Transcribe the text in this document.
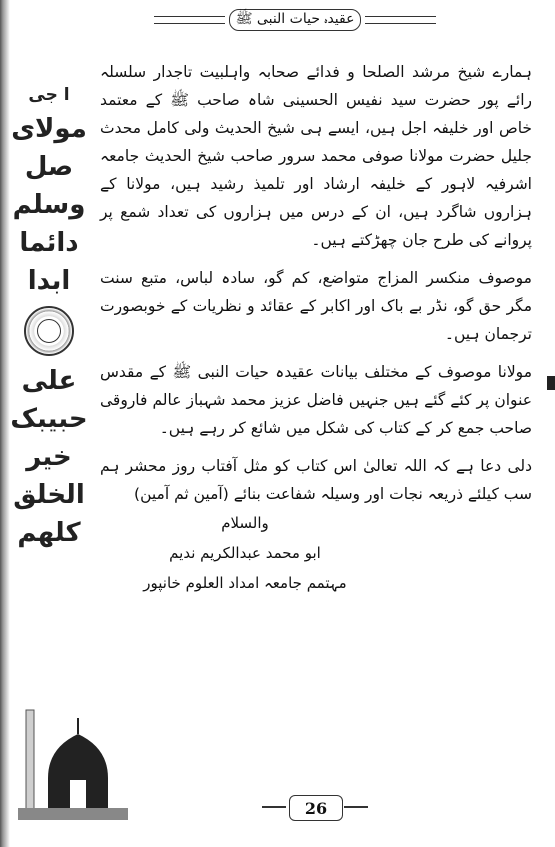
عقیدہ حیات النبی ﷺ
ا جی
مولای
صل
وسلم
دائما
ابدا
علی
حبیبک
خیر
الخلق
کلھم

ہمارے شیخ مرشد الصلحا و فدائے صحابہ واہلبیت تاجدار سلسلہ رائے پور حضرت سید نفیس الحسینی شاہ صاحب ﷺ کے معتمد خاص اور خلیفہ اجل ہیں، ایسے ہی شیخ الحدیث ولی کامل محدث جلیل حضرت مولانا صوفی محمد سرور صاحب شیخ الحدیث جامعہ اشرفیہ لاہور کے خلیفہ ارشاد اور تلمیذ رشید ہیں، مولانا کے ہزاروں شاگرد ہیں، ان کے درس میں ہزاروں کی تعداد شمع پر پروانے کی طرح جان چھڑکتے ہیں۔

موصوف منکسر المزاج متواضع، کم گو، سادہ لباس، متبع سنت مگر حق گو، نڈر بے باک اور اکابر کے عقائد و نظریات کے خوبصورت ترجمان ہیں۔

مولانا موصوف کے مختلف بیانات عقیدہ حیات النبی ﷺ کے مقدس عنوان پر کئے گئے ہیں جنہیں فاضل عزیز محمد شہباز عالم فاروقی صاحب جمع کر کے کتاب کی شکل میں شائع کر رہے ہیں۔

دلی دعا ہے کہ اللہ تعالیٰ اس کتاب کو مثل آفتاب روز محشر ہم سب کیلئے ذریعہ نجات اور وسیلہ شفاعت بنائے (آمین ثم آمین)

والسلام
ابو محمد عبدالکریم ندیم
مہتمم جامعہ امداد العلوم خانپور
26
